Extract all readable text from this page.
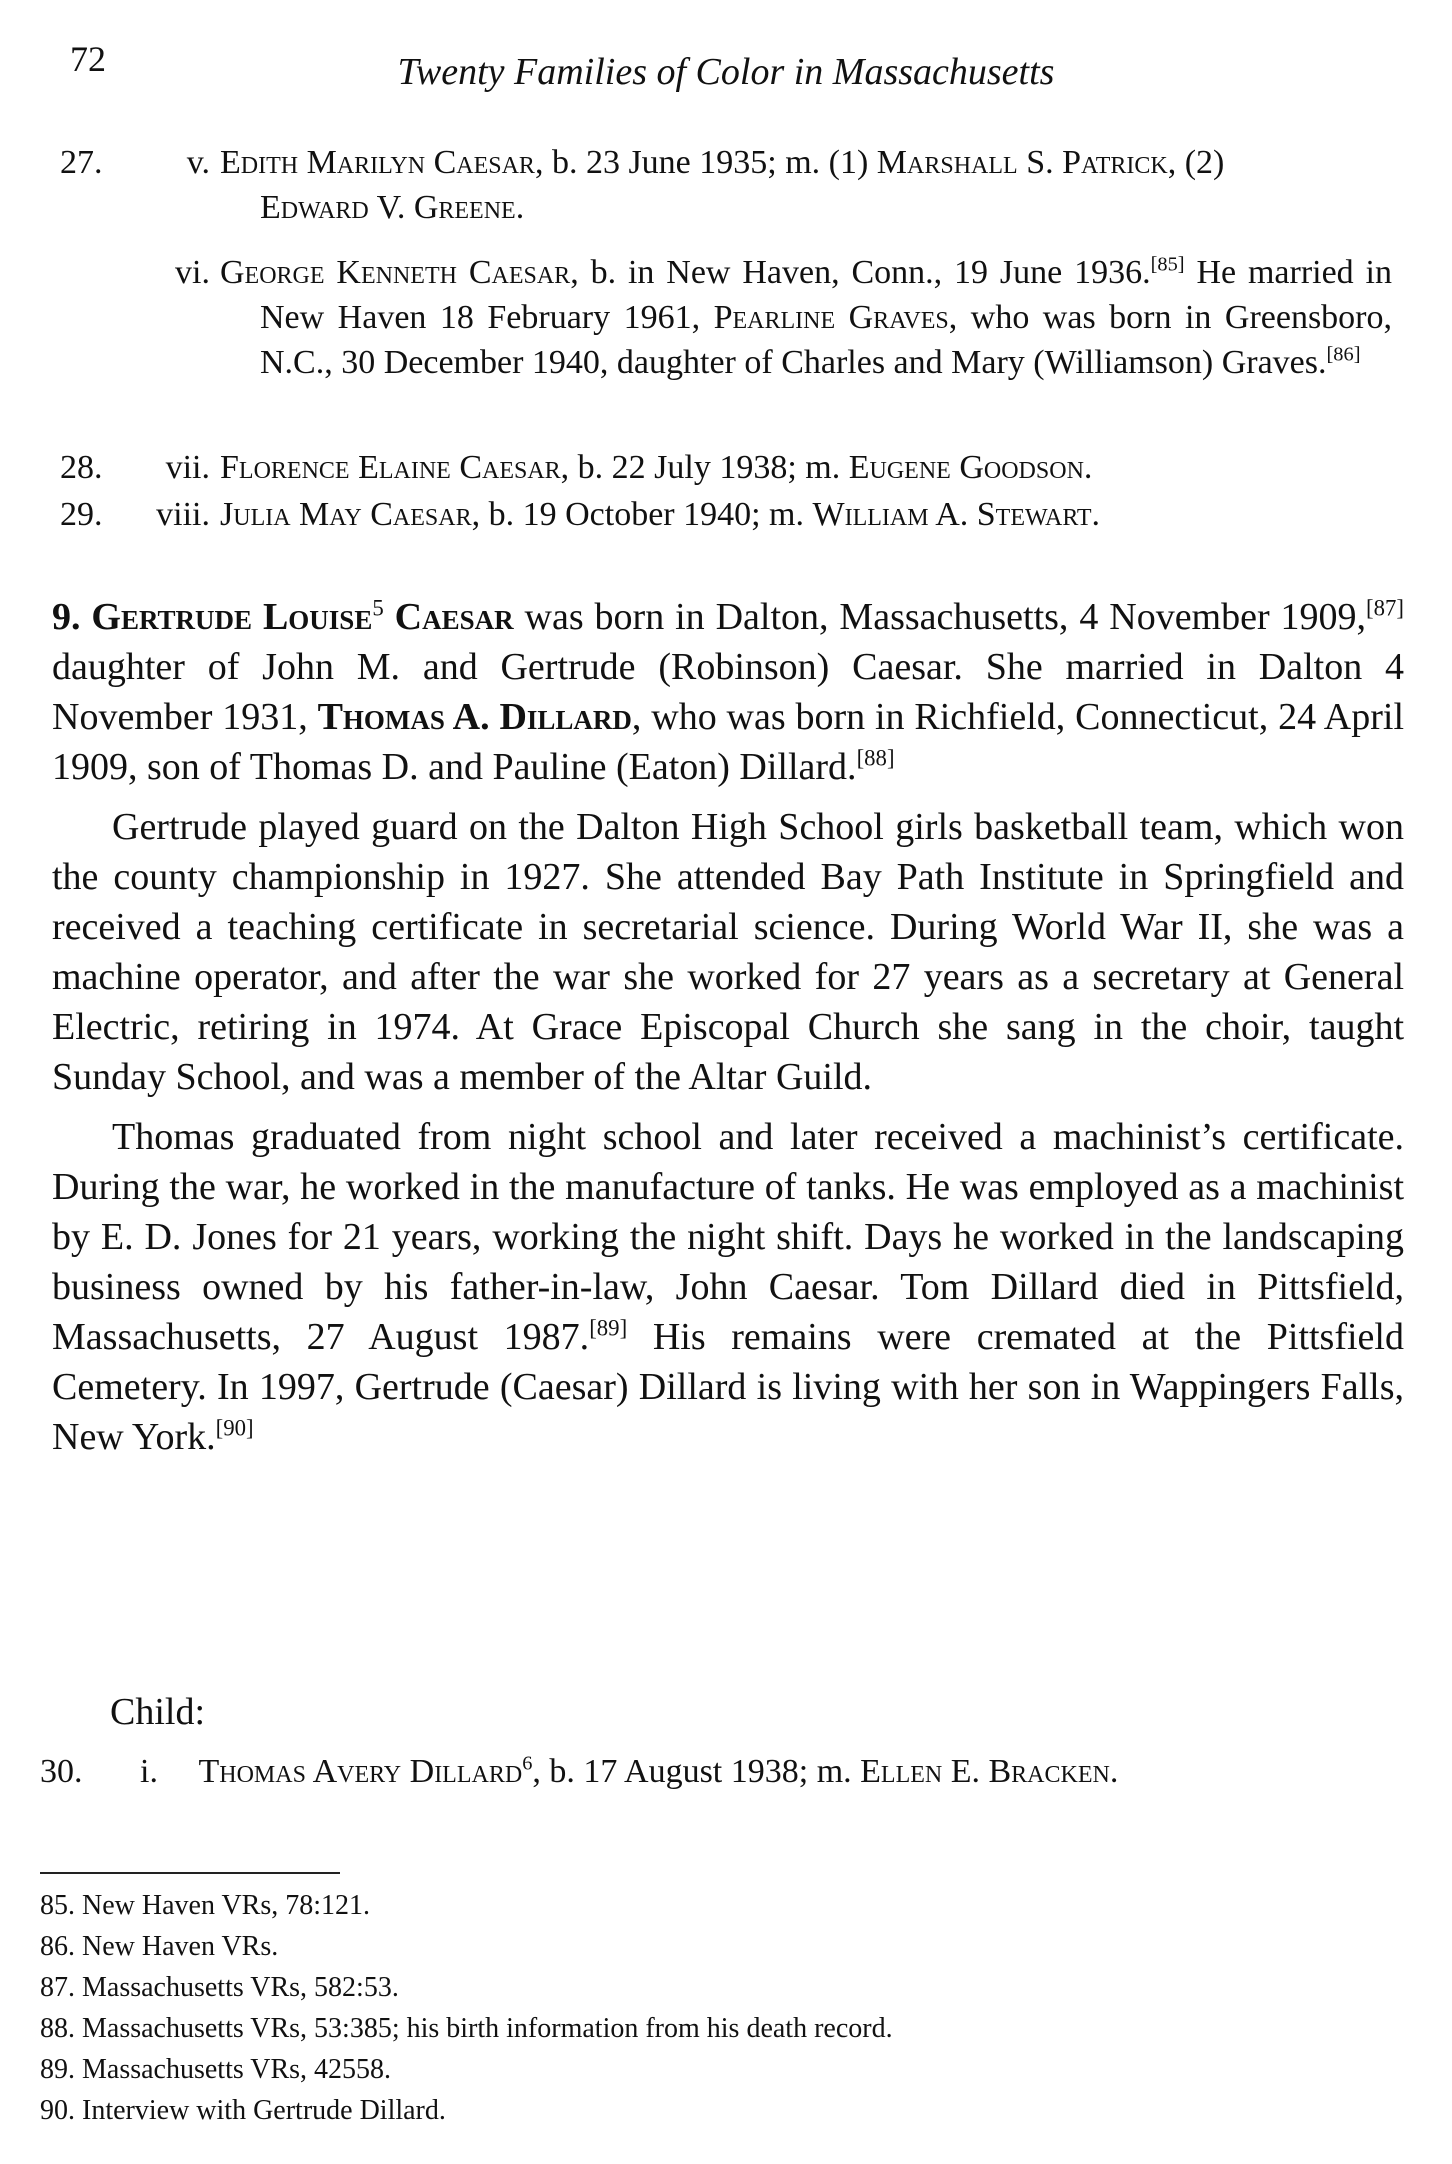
72	Twenty Families of Color in Massachusetts
27.	v. Edith Marilyn Caesar, b. 23 June 1935; m. (1) Marshall S. Patrick, (2)
Edward V. Greene.
vi. George Kenneth Caesar, b. in New Haven, Conn., 19 June 1936.[85] He married in New Haven 18 February 1961, Pearline Graves, who was born in Greensboro, N.C., 30 December 1940, daughter of Charles and Mary (Williamson) Graves.[86]
28.	vii. Florence Elaine Caesar, b. 22 July 1938; m. Eugene Goodson.
29.	viii. Julia May Caesar, b. 19 October 1940; m. William A. Stewart.

9. Gertrude Louise$^5$ Caesar was born in Dalton, Massachusetts, 4 November 1909,[87] daughter of John M. and Gertrude (Robinson) Caesar. She married in Dalton 4 November 1931, Thomas A. Dillard, who was born in Richfield, Connecticut, 24 April 1909, son of Thomas D. and Pauline (Eaton) Dillard.[88]

Gertrude played guard on the Dalton High School girls basketball team, which won the county championship in 1927. She attended Bay Path Institute in Springfield and received a teaching certificate in secretarial science. During World War II, she was a machine operator, and after the war she worked for 27 years as a secretary at General Electric, retiring in 1974. At Grace Episcopal Church she sang in the choir, taught Sunday School, and was a member of the Altar Guild.

Thomas graduated from night school and later received a machinist’s certificate. During the war, he worked in the manufacture of tanks. He was employed as a machinist by E. D. Jones for 21 years, working the night shift. Days he worked in the landscaping business owned by his father-in-law, John Caesar. Tom Dillard died in Pittsfield, Massachusetts, 27 August 1987.[89] His remains were cremated at the Pittsfield Cemetery. In 1997, Gertrude (Caesar) Dillard is living with her son in Wappingers Falls, New York.[90]

Child:
30. i. Thomas Avery Dillard$^6$, b. 17 August 1938; m. Ellen E. Bracken.
85. New Haven VRs, 78:121.
86. New Haven VRs.
87. Massachusetts VRs, 582:53.
88. Massachusetts VRs, 53:385; his birth information from his death record.
89. Massachusetts VRs, 42558.
90. Interview with Gertrude Dillard.
